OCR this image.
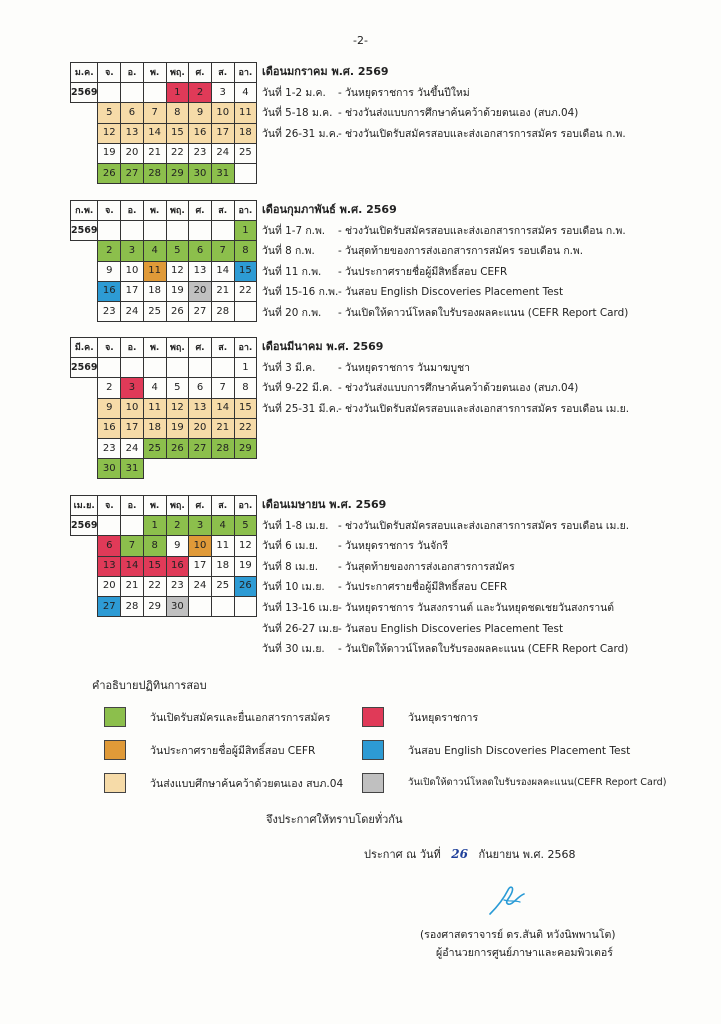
-2-
ม.ค.	จ.	อ.	พ.	พฤ.	ศ.	ส.	อา.
2569				1	2	3	4
	5	6	7	8	9	10	11
	12	13	14	15	16	17	18
	19	20	21	22	23	24	25
	26	27	28	29	30	31	
เดือนมกราคม พ.ศ. 2569
วันที่ 1-2 ม.ค. - วันหยุดราชการ วันขึ้นปีใหม่
วันที่ 5-18 ม.ค. - ช่วงวันส่งแบบการศึกษาค้นคว้าด้วยตนเอง (สบภ.04)
วันที่ 26-31 ม.ค.- ช่วงวันเปิดรับสมัครสอบและส่งเอกสารการสมัคร รอบเดือน ก.พ.
ก.พ.	จ.	อ.	พ.	พฤ.	ศ.	ส.	อา.
2569							1
	2	3	4	5	6	7	8
	9	10	11	12	13	14	15
	16	17	18	19	20	21	22
	23	24	25	26	27	28	
เดือนกุมภาพันธ์ พ.ศ. 2569
วันที่ 1-7 ก.พ. - ช่วงวันเปิดรับสมัครสอบและส่งเอกสารการสมัคร รอบเดือน ก.พ.
วันที่ 8 ก.พ. - วันสุดท้ายของการส่งเอกสารการสมัคร รอบเดือน ก.พ.
วันที่ 11 ก.พ. - วันประกาศรายชื่อผู้มีสิทธิ์สอบ CEFR
วันที่ 15-16 ก.พ.- วันสอบ English Discoveries Placement Test
วันที่ 20 ก.พ. - วันเปิดให้ดาวน์โหลดใบรับรองผลคะแนน (CEFR Report Card)
มี.ค.	จ.	อ.	พ.	พฤ.	ศ.	ส.	อา.
2569							1
	2	3	4	5	6	7	8
	9	10	11	12	13	14	15
	16	17	18	19	20	21	22
	23	24	25	26	27	28	29
	30	31					
เดือนมีนาคม พ.ศ. 2569
วันที่ 3 มี.ค. - วันหยุดราชการ วันมาฆบูชา
วันที่ 9-22 มี.ค. - ช่วงวันส่งแบบการศึกษาค้นคว้าด้วยตนเอง (สบภ.04)
วันที่ 25-31 มี.ค.- ช่วงวันเปิดรับสมัครสอบและส่งเอกสารการสมัคร รอบเดือน เม.ย.
เม.ย.	จ.	อ.	พ.	พฤ.	ศ.	ส.	อา.
2569			1	2	3	4	5
	6	7	8	9	10	11	12
	13	14	15	16	17	18	19
	20	21	22	23	24	25	26
	27	28	29	30			
เดือนเมษายน พ.ศ. 2569
วันที่ 1-8 เม.ย. - ช่วงวันเปิดรับสมัครสอบและส่งเอกสารการสมัคร รอบเดือน เม.ย.
วันที่ 6 เม.ย. - วันหยุดราชการ วันจักรี
วันที่ 8 เม.ย. - วันสุดท้ายของการส่งเอกสารการสมัคร
วันที่ 10 เม.ย. - วันประกาศรายชื่อผู้มีสิทธิ์สอบ CEFR
วันที่ 13-16 เม.ย- วันหยุดราชการ วันสงกรานต์ และวันหยุดชดเชยวันสงกรานต์
วันที่ 26-27 เม.ย- วันสอบ English Discoveries Placement Test
วันที่ 30 เม.ย. - วันเปิดให้ดาวน์โหลดใบรับรองผลคะแนน (CEFR Report Card)
คำอธิบายปฏิทินการสอบ
วันเปิดรับสมัครและยื่นเอกสารการสมัคร	วันหยุดราชการ
วันประกาศรายชื่อผู้มีสิทธิ์สอบ CEFR	วันสอบ English Discoveries Placement Test
วันส่งแบบศึกษาค้นคว้าด้วยตนเอง สบภ.04	วันเปิดให้ดาวน์โหลดใบรับรองผลคะแนน(CEFR Report Card)
จึงประกาศให้ทราบโดยทั่วกัน
ประกาศ ณ วันที่ 26 กันยายน พ.ศ. 2568
(รองศาสตราจารย์ ดร.สันติ หวังนิพพานโต)
ผู้อำนวยการศูนย์ภาษาและคอมพิวเตอร์
